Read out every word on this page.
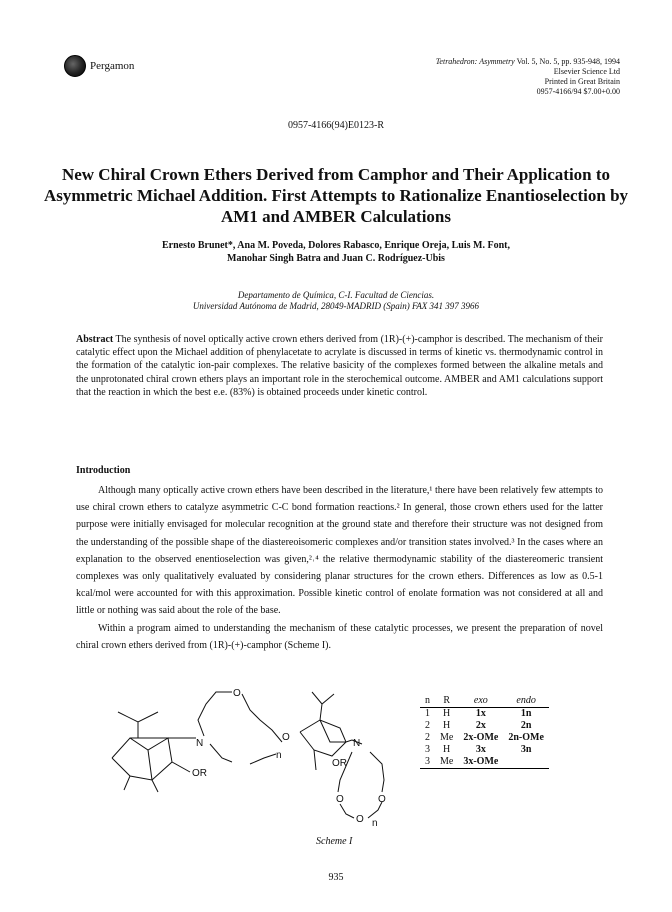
Pergamon	Tetrahedron: Asymmetry Vol. 5, No. 5, pp. 935-948, 1994
Elsevier Science Ltd
Printed in Great Britain
0957-4166/94 $7.00+0.00
0957-4166(94)E0123-R
New Chiral Crown Ethers Derived from Camphor and Their Application to Asymmetric Michael Addition. First Attempts to Rationalize Enantioselection by AM1 and AMBER Calculations
Ernesto Brunet*, Ana M. Poveda, Dolores Rabasco, Enrique Oreja, Luis M. Font,
Manohar Singh Batra and Juan C. Rodríguez-Ubis
Departamento de Química, C-I. Facultad de Ciencias.
Universidad Autónoma de Madrid, 28049-MADRID (Spain) FAX 341 397 3966
Abstract The synthesis of novel optically active crown ethers derived from (1R)-(+)-camphor is described. The mechanism of their catalytic effect upon the Michael addition of phenylacetate to acrylate is discussed in terms of kinetic vs. thermodynamic control in the formation of the catalytic ion-pair complexes. The relative basicity of the complexes formed between the alkaline metals and the unprotonated chiral crown ethers plays an important role in the sterochemical outcome. AMBER and AM1 calculations support that the reaction in which the best e.e. (83%) is obtained proceeds under kinetic control.
Introduction

Although many optically active crown ethers have been described in the literature,¹ there have been relatively few attempts to use chiral crown ethers to catalyze asymmetric C-C bond formation reactions.² In general, those crown ethers used for the latter purpose were initially envisaged for molecular recognition at the ground state and therefore their structure was not designed from the understanding of the possible shape of the diastereoisomeric complexes and/or transition states involved.³ In the cases where an explanation to the observed enentioselection was given,²˒⁴ the relative thermodynamic stability of the diastereomeric transient complexes was only qualitatively evaluated by considering planar structures for the crown ethers. Differences as low as 0.5-1 kcal/mol were accounted for with this approximation. Possible kinetic control of enolate formation was not considered at all and little or nothing was said about the role of the base.

Within a program aimed to understanding the mechanism of these catalytic processes, we present the preparation of novel chiral crown ethers derived from (1R)-(+)-camphor (Scheme I).

O
N
O
n
OR
N
OR
O	O
O n
Scheme I
n	R	exo	endo
1	H	1x	1n
2	H	2x	2n
2	Me	2x-OMe	2n-OMe
3	H	3x	3n
3	Me	3x-OMe	
935
